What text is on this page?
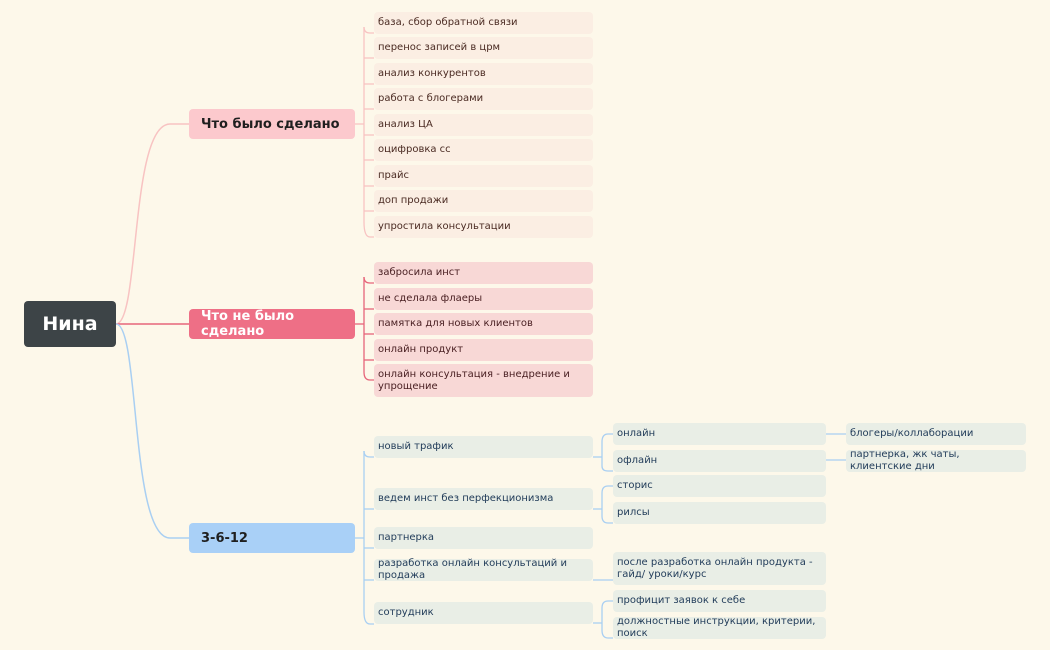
Нина
Что было сделано
Что не было сделано
3-6-12
база, сбор обратной связи
перенос записей в црм
анализ конкурентов
работа с блогерами
анализ ЦА
оцифровка сс
прайс
доп продажи
упростила консультации
забросила инст
не сделала флаеры
памятка для новых клиентов
онлайн продукт
онлайн консультация - внедрение и упрощение
новый трафик
ведем инст без перфекционизма
партнерка
разработка онлайн консультаций и продажа
сотрудник
онлайн
офлайн
сторис
рилсы
после разработка онлайн продукта - гайд/ уроки/курс
профицит заявок к себе
должностные инструкции, критерии, поиск
блогеры/коллаборации
партнерка, жк чаты, клиентские дни
